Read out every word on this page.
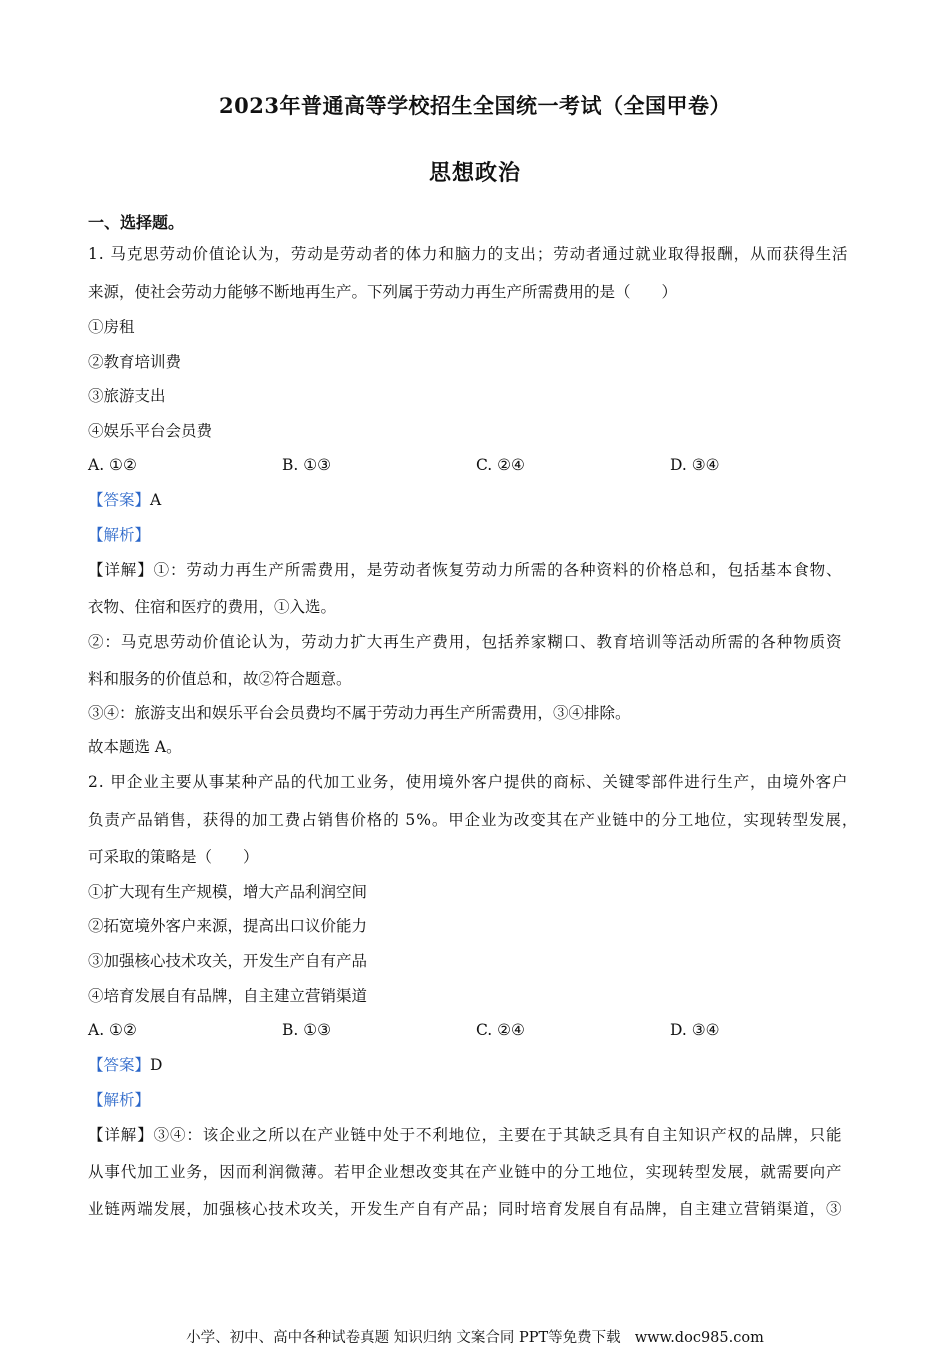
2023年普通高等学校招生全国统一考试（全国甲卷）
思想政治
一、选择题。
1. 马克思劳动价值论认为，劳动是劳动者的体力和脑力的支出；劳动者通过就业取得报酬，从而获得生活
来源，使社会劳动力能够不断地再生产。下列属于劳动力再生产所需费用的是（　　）
①房租
②教育培训费
③旅游支出
④娱乐平台会员费
A. ①②	B. ①③	C. ②④	D. ③④
【答案】A
【解析】
【详解】①：劳动力再生产所需费用，是劳动者恢复劳动力所需的各种资料的价格总和，包括基本食物、
衣物、住宿和医疗的费用，①入选。
②：马克思劳动价值论认为，劳动力扩大再生产费用，包括养家糊口、教育培训等活动所需的各种物质资
料和服务的价值总和，故②符合题意。
③④：旅游支出和娱乐平台会员费均不属于劳动力再生产所需费用，③④排除。
故本题选 A。
2. 甲企业主要从事某种产品的代加工业务，使用境外客户提供的商标、关键零部件进行生产，由境外客户
负责产品销售，获得的加工费占销售价格的 5%。甲企业为改变其在产业链中的分工地位，实现转型发展，
可采取的策略是（　　）
①扩大现有生产规模，增大产品利润空间
②拓宽境外客户来源，提高出口议价能力
③加强核心技术攻关，开发生产自有产品
④培育发展自有品牌，自主建立营销渠道
A. ①②	B. ①③	C. ②④	D. ③④
【答案】D
【解析】
【详解】③④：该企业之所以在产业链中处于不利地位，主要在于其缺乏具有自主知识产权的品牌，只能
从事代加工业务，因而利润微薄。若甲企业想改变其在产业链中的分工地位，实现转型发展，就需要向产
业链两端发展，加强核心技术攻关，开发生产自有产品；同时培育发展自有品牌，自主建立营销渠道，③
小学、初中、高中各种试卷真题 知识归纳 文案合同 PPT等免费下载 www.doc985.com
